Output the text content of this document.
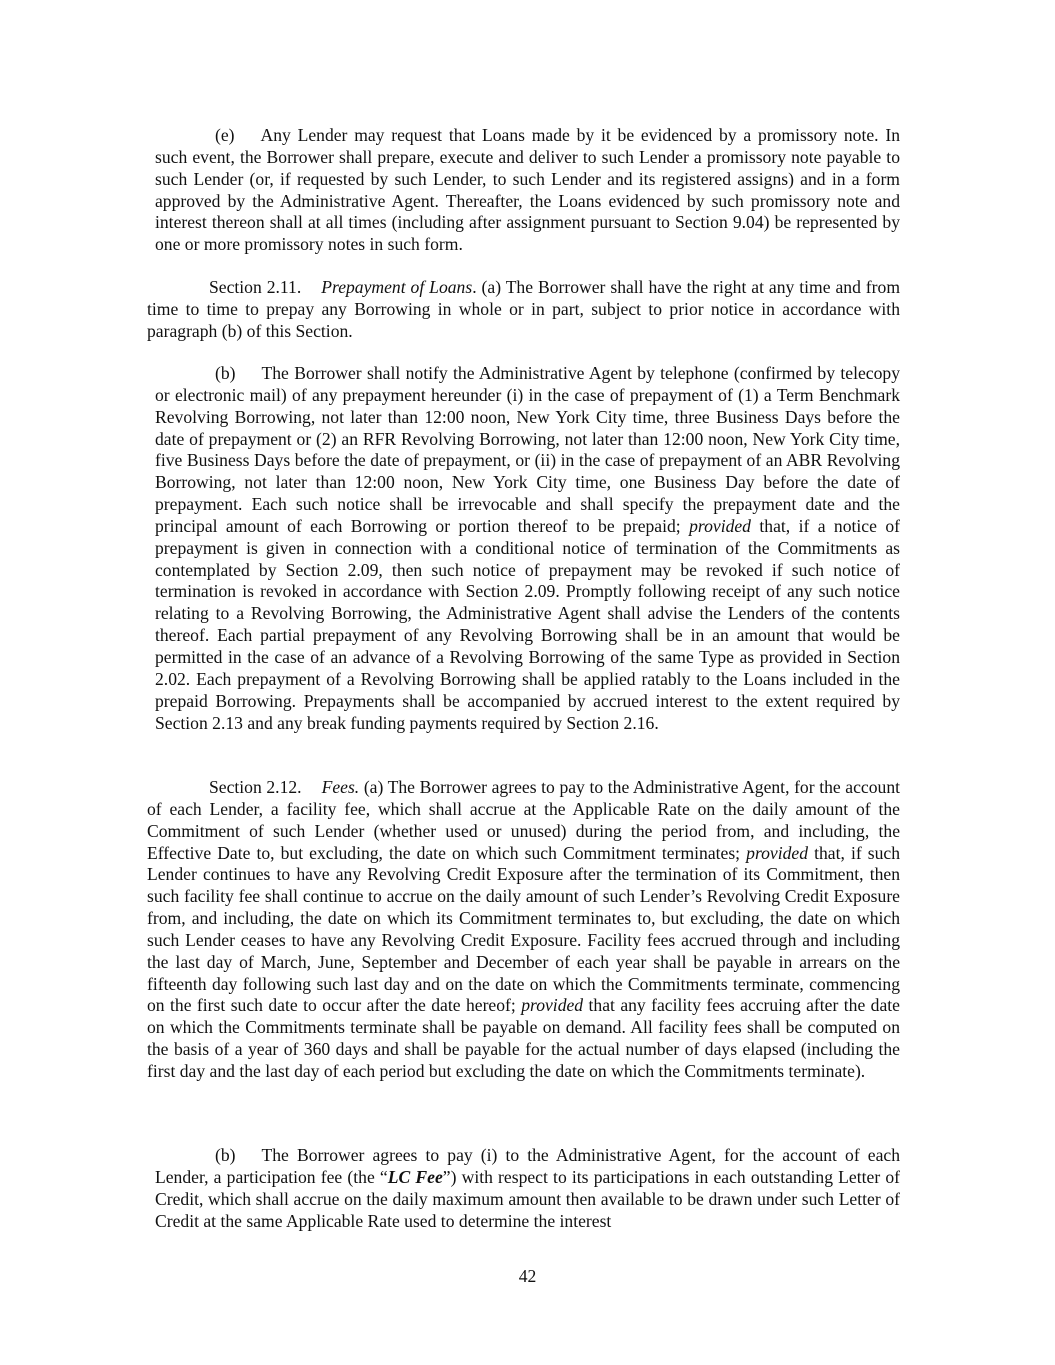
(e) Any Lender may request that Loans made by it be evidenced by a promissory note. In such event, the Borrower shall prepare, execute and deliver to such Lender a promissory note payable to such Lender (or, if requested by such Lender, to such Lender and its registered assigns) and in a form approved by the Administrative Agent. Thereafter, the Loans evidenced by such promissory note and interest thereon shall at all times (including after assignment pursuant to Section 9.04) be represented by one or more promissory notes in such form.

Section 2.11. Prepayment of Loans. (a) The Borrower shall have the right at any time and from time to time to prepay any Borrowing in whole or in part, subject to prior notice in accordance with paragraph (b) of this Section.

(b) The Borrower shall notify the Administrative Agent by telephone (confirmed by telecopy or electronic mail) of any prepayment hereunder (i) in the case of prepayment of (1) a Term Benchmark Revolving Borrowing, not later than 12:00 noon, New York City time, three Business Days before the date of prepayment or (2) an RFR Revolving Borrowing, not later than 12:00 noon, New York City time, five Business Days before the date of prepayment, or (ii) in the case of prepayment of an ABR Revolving Borrowing, not later than 12:00 noon, New York City time, one Business Day before the date of prepayment. Each such notice shall be irrevocable and shall specify the prepayment date and the principal amount of each Borrowing or portion thereof to be prepaid; provided that, if a notice of prepayment is given in connection with a conditional notice of termination of the Commitments as contemplated by Section 2.09, then such notice of prepayment may be revoked if such notice of termination is revoked in accordance with Section 2.09. Promptly following receipt of any such notice relating to a Revolving Borrowing, the Administrative Agent shall advise the Lenders of the contents thereof. Each partial prepayment of any Revolving Borrowing shall be in an amount that would be permitted in the case of an advance of a Revolving Borrowing of the same Type as provided in Section 2.02. Each prepayment of a Revolving Borrowing shall be applied ratably to the Loans included in the prepaid Borrowing. Prepayments shall be accompanied by accrued interest to the extent required by Section 2.13 and any break funding payments required by Section 2.16.

Section 2.12. Fees. (a) The Borrower agrees to pay to the Administrative Agent, for the account of each Lender, a facility fee, which shall accrue at the Applicable Rate on the daily amount of the Commitment of such Lender (whether used or unused) during the period from, and including, the Effective Date to, but excluding, the date on which such Commitment terminates; provided that, if such Lender continues to have any Revolving Credit Exposure after the termination of its Commitment, then such facility fee shall continue to accrue on the daily amount of such Lender’s Revolving Credit Exposure from, and including, the date on which its Commitment terminates to, but excluding, the date on which such Lender ceases to have any Revolving Credit Exposure. Facility fees accrued through and including the last day of March, June, September and December of each year shall be payable in arrears on the fifteenth day following such last day and on the date on which the Commitments terminate, commencing on the first such date to occur after the date hereof; provided that any facility fees accruing after the date on which the Commitments terminate shall be payable on demand. All facility fees shall be computed on the basis of a year of 360 days and shall be payable for the actual number of days elapsed (including the first day and the last day of each period but excluding the date on which the Commitments terminate).

(b) The Borrower agrees to pay (i) to the Administrative Agent, for the account of each Lender, a participation fee (the “LC Fee”) with respect to its participations in each outstanding Letter of Credit, which shall accrue on the daily maximum amount then available to be drawn under such Letter of Credit at the same Applicable Rate used to determine the interest

42
